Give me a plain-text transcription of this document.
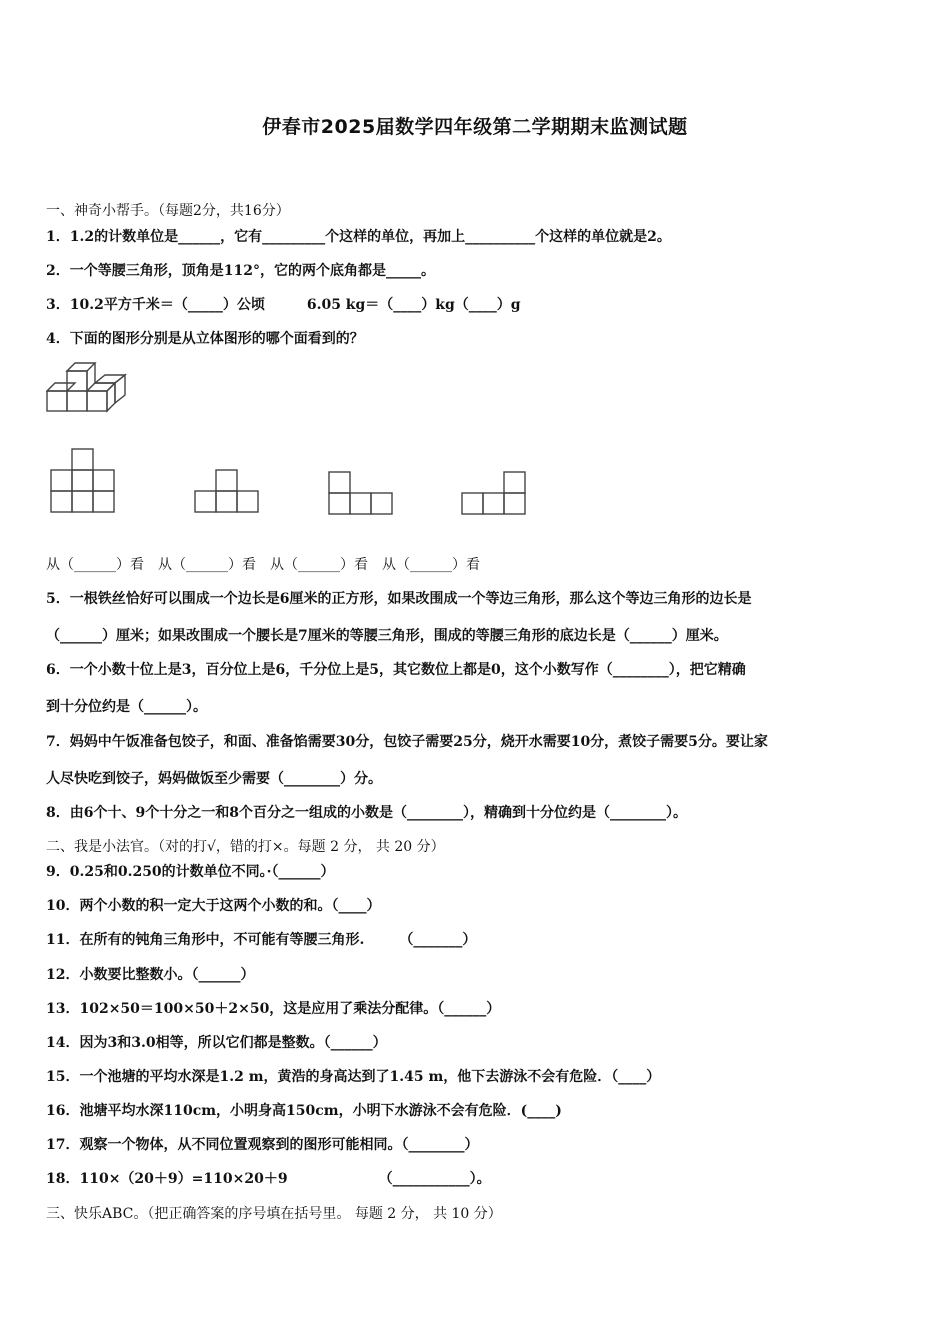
伊春市2025届数学四年级第二学期期末监测试题
一、神奇小帮手。（每题2分，共16分）
1．1.2的计数单位是______，它有_________个这样的单位，再加上__________个这样的单位就是2。
2．一个等腰三角形，顶角是112°，它的两个底角都是_____。
3．10.2平方千米＝（_____）公顷　　　6.05 kg＝（____）kg（____）g
4．下面的图形分别是从立体图形的哪个面看到的？
从（______）看　从（______）看　从（______）看　从（______）看
5．一根铁丝恰好可以围成一个边长是6厘米的正方形，如果改围成一个等边三角形，那么这个等边三角形的边长是
（______）厘米；如果改围成一个腰长是7厘米的等腰三角形，围成的等腰三角形的底边长是（______）厘米。
6．一个小数十位上是3，百分位上是6，千分位上是5，其它数位上都是0，这个小数写作（________），把它精确
到十分位约是（______）。
7．妈妈中午饭准备包饺子，和面、准备馅需要30分，包饺子需要25分，烧开水需要10分，煮饺子需要5分。要让家
人尽快吃到饺子，妈妈做饭至少需要（________）分。
8．由6个十、9个十分之一和8个百分之一组成的小数是（________），精确到十分位约是（________）。
二、我是小法官。（对的打√，错的打×。每题 2 分， 共 20 分）
9．0.25和0.250的计数单位不同。·（______）
10．两个小数的积一定大于这两个小数的和。（____）
11．在所有的钝角三角形中，不可能有等腰三角形.　　　（_______）
12．小数要比整数小。（______）
13．102×50＝100×50＋2×50，这是应用了乘法分配律。（______）
14．因为3和3.0相等，所以它们都是整数。（______）
15．一个池塘的平均水深是1.2 m，黄浩的身高达到了1.45 m，他下去游泳不会有危险．（____）
16．池塘平均水深110cm，小明身高150cm，小明下水游泳不会有危险．(____)
17．观察一个物体，从不同位置观察到的图形可能相同。（________）
18．110×（20＋9）=110×20＋9　　　　　　　（___________）。
三、快乐ABC。（把正确答案的序号填在括号里。 每题 2 分， 共 10 分）
